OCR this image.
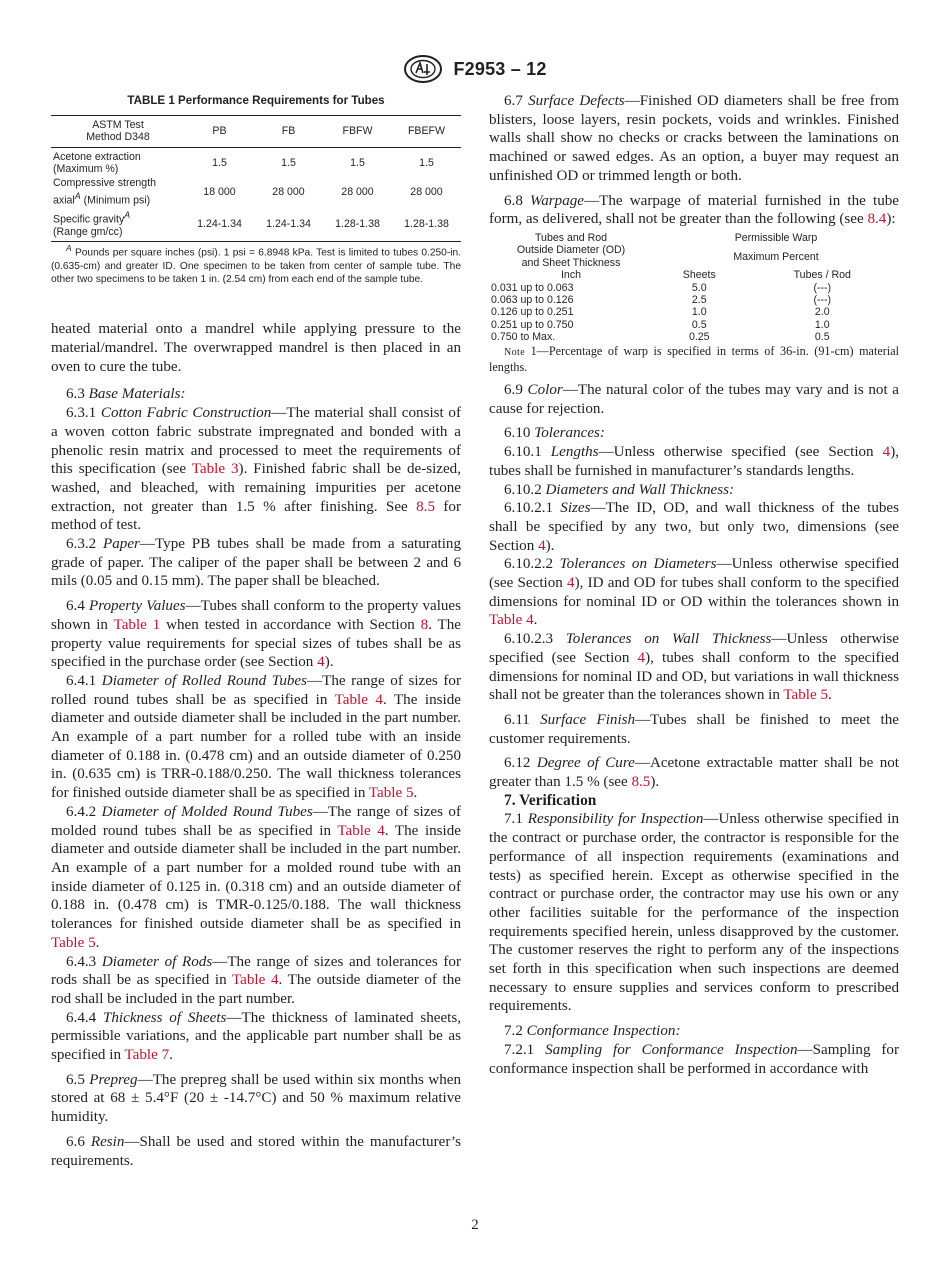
F2953 – 12
TABLE 1 Performance Requirements for Tubes
ASTM Test
Method D348	PB	FB	FBFW	FBEFW
Acetone extraction
(Maximum %)	1.5	1.5	1.5	1.5
Compressive strength
axial$^A$ (Minimum psi)	18 000	28 000	28 000	28 000
Specific gravity$^A$
(Range gm/cc)	1.24-1.34	1.24-1.34	1.28-1.38	1.28-1.38

$^A$ Pounds per square inches (psi). 1 psi = 6.8948 kPa. Test is limited to tubes 0.250-in. (0.635-cm) and greater ID. One specimen to be taken from center of sample tube. The other two specimens to be taken 1 in. (2.54 cm) from each end of the sample tube.

heated material onto a mandrel while applying pressure to the material/mandrel. The overwrapped mandrel is then placed in an oven to cure the tube.

6.3 Base Materials:

6.3.1 Cotton Fabric Construction—The material shall consist of a woven cotton fabric substrate impregnated and bonded with a phenolic resin matrix and processed to meet the requirements of this specification (see Table 3). Finished fabric shall be de-sized, washed, and bleached, with remaining impurities per acetone extraction, not greater than 1.5 % after finishing. See 8.5 for method of test.

6.3.2 Paper—Type PB tubes shall be made from a saturating grade of paper. The caliper of the paper shall be between 2 and 6 mils (0.05 and 0.15 mm). The paper shall be bleached.

6.4 Property Values—Tubes shall conform to the property values shown in Table 1 when tested in accordance with Section 8. The property value requirements for special sizes of tubes shall be as specified in the purchase order (see Section 4).

6.4.1 Diameter of Rolled Round Tubes—The range of sizes for rolled round tubes shall be as specified in Table 4. The inside diameter and outside diameter shall be included in the part number. An example of a part number for a rolled tube with an inside diameter of 0.188 in. (0.478 cm) and an outside diameter of 0.250 in. (0.635 cm) is TRR-0.188/0.250. The wall thickness tolerances for finished outside diameter shall be as specified in Table 5.

6.4.2 Diameter of Molded Round Tubes—The range of sizes of molded round tubes shall be as specified in Table 4. The inside diameter and outside diameter shall be included in the part number. An example of a part number for a molded round tube with an inside diameter of 0.125 in. (0.318 cm) and an outside diameter of 0.188 in. (0.478 cm) is TMR-0.125/0.188. The wall thickness tolerances for finished outside diameter shall be as specified in Table 5.

6.4.3 Diameter of Rods—The range of sizes and tolerances for rods shall be as specified in Table 4. The outside diameter of the rod shall be included in the part number.

6.4.4 Thickness of Sheets—The thickness of laminated sheets, permissible variations, and the applicable part number shall be as specified in Table 7.

6.5 Prepreg—The prepreg shall be used within six months when stored at 68 ± 5.4°F (20 ± -14.7°C) and 50 % maximum relative humidity.

6.6 Resin—Shall be used and stored within the manufacturer’s requirements.

6.7 Surface Defects—Finished OD diameters shall be free from blisters, loose layers, resin pockets, voids and wrinkles. Finished walls shall show no checks or cracks between the laminations on machined or sawed edges. As an option, a buyer may request an unfinished OD or trimmed length or both.

6.8 Warpage—The warpage of material furnished in the tube form, as delivered, shall not be greater than the following (see 8.4):

Tubes and Rod
Outside Diameter (OD)
and Sheet Thickness
Inch	Permissible Warp	
	Maximum Percent	
	Sheets	Tubes / Rod
0.031 up to 0.063	5.0	(---)
0.063 up to 0.126	2.5	(---)
0.126 up to 0.251	1.0	2.0
0.251 up to 0.750	0.5	1.0
0.750 to Max.	0.25	0.5

Note 1—Percentage of warp is specified in terms of 36-in. (91-cm) material lengths.

6.9 Color—The natural color of the tubes may vary and is not a cause for rejection.

6.10 Tolerances:

6.10.1 Lengths—Unless otherwise specified (see Section 4), tubes shall be furnished in manufacturer’s standards lengths.

6.10.2 Diameters and Wall Thickness:

6.10.2.1 Sizes—The ID, OD, and wall thickness of the tubes shall be specified by any two, but only two, dimensions (see Section 4).

6.10.2.2 Tolerances on Diameters—Unless otherwise specified (see Section 4), ID and OD for tubes shall conform to the specified dimensions for nominal ID or OD within the tolerances shown in Table 4.

6.10.2.3 Tolerances on Wall Thickness—Unless otherwise specified (see Section 4), tubes shall conform to the specified dimensions for nominal ID and OD, but variations in wall thickness shall not be greater than the tolerances shown in Table 5.

6.11 Surface Finish—Tubes shall be finished to meet the customer requirements.

6.12 Degree of Cure—Acetone extractable matter shall be not greater than 1.5 % (see 8.5).

7. Verification

7.1 Responsibility for Inspection—Unless otherwise specified in the contract or purchase order, the contractor is responsible for the performance of all inspection requirements (examinations and tests) as specified herein. Except as otherwise specified in the contract or purchase order, the contractor may use his own or any other facilities suitable for the performance of the inspection requirements specified herein, unless disapproved by the customer. The customer reserves the right to perform any of the inspections set forth in this specification when such inspections are deemed necessary to ensure supplies and services conform to prescribed requirements.

7.2 Conformance Inspection:

7.2.1 Sampling for Conformance Inspection—Sampling for conformance inspection shall be performed in accordance with

2
